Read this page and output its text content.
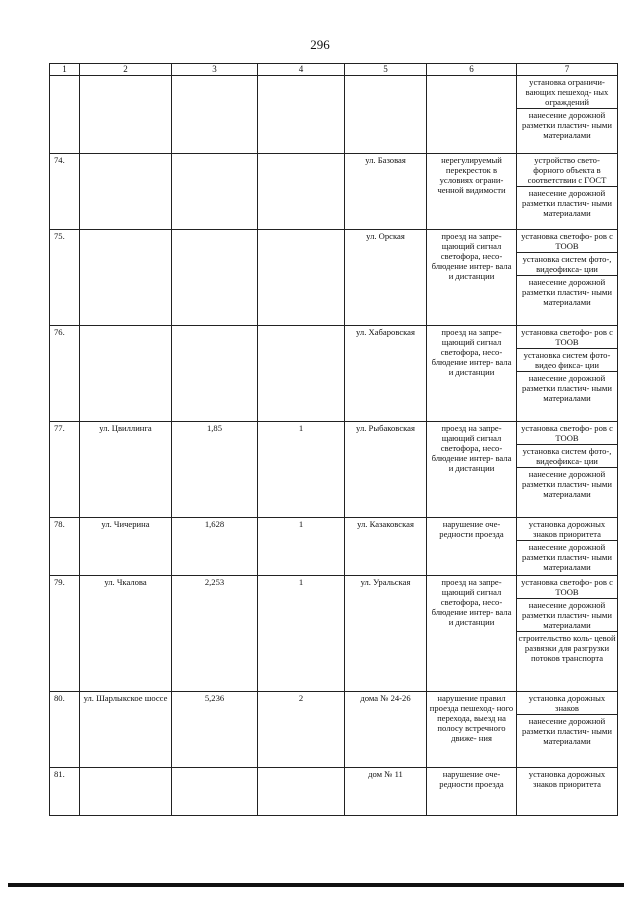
296
1	2	3	4	5	6	7

						установка ограничи- вающих пешеход- ных ограждений
нанесение дорожной разметки пластич- ными материалами

74.				ул. Базовая	нерегулируемый перекресток в условиях ограни- ченной видимости	устройство свето- форного объекта в соответствии с ГОСТ
нанесение дорожной разметки пластич- ными материалами

75.				ул. Орская	проезд на запре- щающий сигнал светофора, несо- блюдение интер- вала и дистанции	установка светофо- ров с ТООВ
установка систем фото-, видеофикса- ции
нанесение дорожной разметки пластич- ными материалами

76.				ул. Хабаровская	проезд на запре- щающий сигнал светофора, несо- блюдение интер- вала и дистанции	установка светофо- ров с ТООВ
установка систем фото-видео фикса- ции
нанесение дорожной разметки пластич- ными материалами

77.	ул. Цвиллинга	1,85	1	ул. Рыбаковская	проезд на запре- щающий сигнал светофора, несо- блюдение интер- вала и дистанции	установка светофо- ров с ТООВ
установка систем фото-, видеофикса- ции
нанесение дорожной разметки пластич- ными материалами

78.	ул. Чичерина	1,628	1	ул. Казаковская	нарушение оче- редности проезда	установка дорожных знаков приоритета
нанесение дорожной разметки пластич- ными материалами

79.	ул. Чкалова	2,253	1	ул. Уральская	проезд на запре- щающий сигнал светофора, несо- блюдение интер- вала и дистанции	установка светофо- ров с ТООВ
нанесение дорожной разметки пластич- ными материалами
строительство коль- цевой развязки для разгрузки потоков транспорта

80.	ул. Шарлыкское шоссе	5,236	2	дома № 24-26	нарушение правил проезда пешеход- ного перехода, выезд на полосу встречного движе- ния	установка дорожных знаков
нанесение дорожной разметки пластич- ными материалами

81.				дом № 11	нарушение оче- редности проезда	установка дорожных знаков приоритета
